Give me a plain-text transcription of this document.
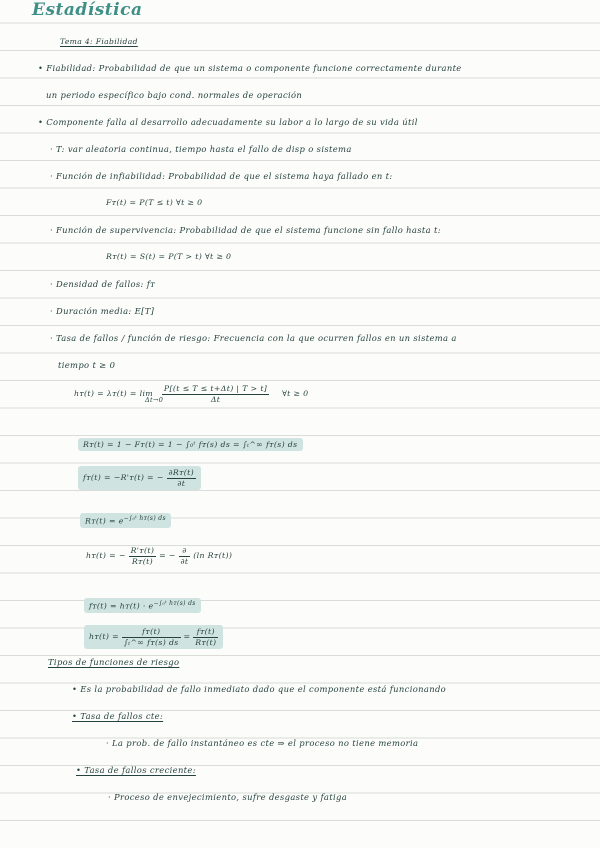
Estadística
Tema 4: Fiabilidad
• Fiabilidad: Probabilidad de que un sistema o componente funcione correctamente durante
un periodo específico bajo cond. normales de operación
• Componente falla al desarrollo adecuadamente su labor a lo largo de su vida útil
· T: var aleatoria continua, tiempo hasta el fallo de disp o sistema
· Función de infiabilidad: Probabilidad de que el sistema haya fallado en t:
Fᴛ(t) = P(T ≤ t) ∀t ≥ 0
· Función de supervivencia: Probabilidad de que el sistema funcione sin fallo hasta t:
Rᴛ(t) = S(t) = P(T > t) ∀t ≥ 0
· Densidad de fallos: fᴛ
· Duración media: E[T]
· Tasa de fallos / función de riesgo: Frecuencia con la que ocurren fallos en un sistema a
tiempo t ≥ 0
hᴛ(t) = λᴛ(t) = $\lim \frac{P[(t \le T \le t+\Delta t) | T > t]}{\Delta t}$ ∀t ≥ 0
Δt→0
Rᴛ(t) = 1 − Fᴛ(t) = 1 − ∫₀ᵗ fᴛ(s) ds = ∫ₜ^∞ fᴛ(s) ds
fᴛ(t) = −R'ᴛ(t) = − $\frac{\text{∂Rᴛ(t)}}{\partial t}$
Rᴛ(t) = $e^{-\int_0ᵗ hᴛ(s) ds}$
hᴛ(t) = − $\frac{\text{R'ᴛ(t)}}{\text{Rᴛ(t)}}$ = − $\frac{\partial}{\partial t} (\ln$ Rᴛ(t))
fᴛ(t) = hᴛ(t) · $e^{-\int_0ᵗ hᴛ(s) ds}$
hᴛ(t) = $\frac{\text{fᴛ(t)}}{\text{∫ₜ\textasciicircum{}∞ fᴛ(s) ds}} = \frac{\text{fᴛ(t)}}{\text{Rᴛ(t)}}$
Tipos de funciones de riesgo
• Es la probabilidad de fallo inmediato dado que el componente está funcionando
• Tasa de fallos cte:
· La prob. de fallo instantáneo es cte ⇒ el proceso no tiene memoria
• Tasa de fallos creciente:
· Proceso de envejecimiento, sufre desgaste y fatiga
